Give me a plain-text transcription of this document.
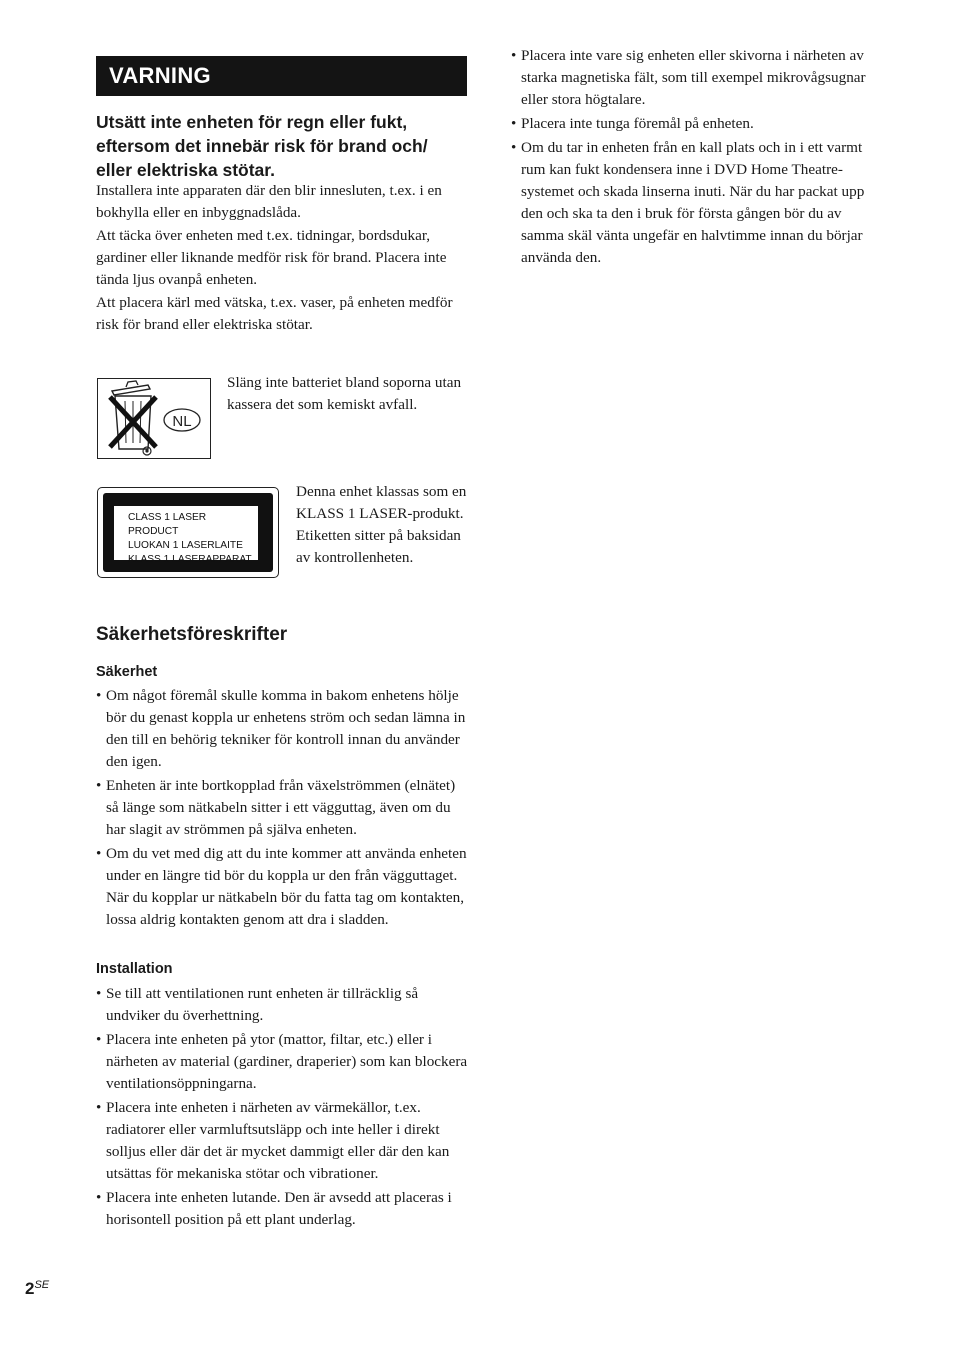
VARNING

Utsätt inte enheten för regn eller fukt, eftersom det innebär risk för brand och/ eller elektriska stötar.

Installera inte apparaten där den blir innesluten, t.ex. i en bokhylla eller en inbyggnadslåda.

Att täcka över enheten med t.ex. tidningar, bordsdukar, gardiner eller liknande medför risk för brand. Placera inte tända ljus ovanpå enheten.

Att placera kärl med vätska, t.ex. vaser, på enheten medför risk för brand eller elektriska stötar.

NL

Släng inte batteriet bland soporna utan kassera det som kemiskt avfall.

CLASS 1 LASER PRODUCT
LUOKAN 1 LASERLAITE
KLASS 1 LASERAPPARAT

Denna enhet klassas som en KLASS 1 LASER-produkt. Etiketten sitter på baksidan av kontrollenheten.

Säkerhetsföreskrifter
Säkerhet
• Om något föremål skulle komma in bakom enhetens hölje bör du genast koppla ur enhetens ström och sedan lämna in den till en behörig tekniker för kontroll innan du använder den igen.
• Enheten är inte bortkopplad från växelströmmen (elnätet) så länge som nätkabeln sitter i ett vägguttag, även om du har slagit av strömmen på själva enheten.
• Om du vet med dig att du inte kommer att använda enheten under en längre tid bör du koppla ur den från vägguttaget. När du kopplar ur nätkabeln bör du fatta tag om kontakten, lossa aldrig kontakten genom att dra i sladden.
Installation
• Se till att ventilationen runt enheten är tillräcklig så undviker du överhettning.
• Placera inte enheten på ytor (mattor, filtar, etc.) eller i närheten av material (gardiner, draperier) som kan blockera ventilationsöppningarna.
• Placera inte enheten i närheten av värmekällor, t.ex. radiatorer eller varmluftsutsläpp och inte heller i direkt solljus eller där det är mycket dammigt eller där den kan utsättas för mekaniska stötar och vibrationer.
• Placera inte enheten lutande. Den är avsedd att placeras i horisontell position på ett plant underlag.
• Placera inte vare sig enheten eller skivorna i närheten av starka magnetiska fält, som till exempel mikrovågsugnar eller stora högtalare.
• Placera inte tunga föremål på enheten.
• Om du tar in enheten från en kall plats och in i ett varmt rum kan fukt kondensera inne i DVD Home Theatre-systemet och skada linserna inuti. När du har packat upp den och ska ta den i bruk för första gången bör du av samma skäl vänta ungefär en halvtimme innan du börjar använda den.
$2^{SE}$
